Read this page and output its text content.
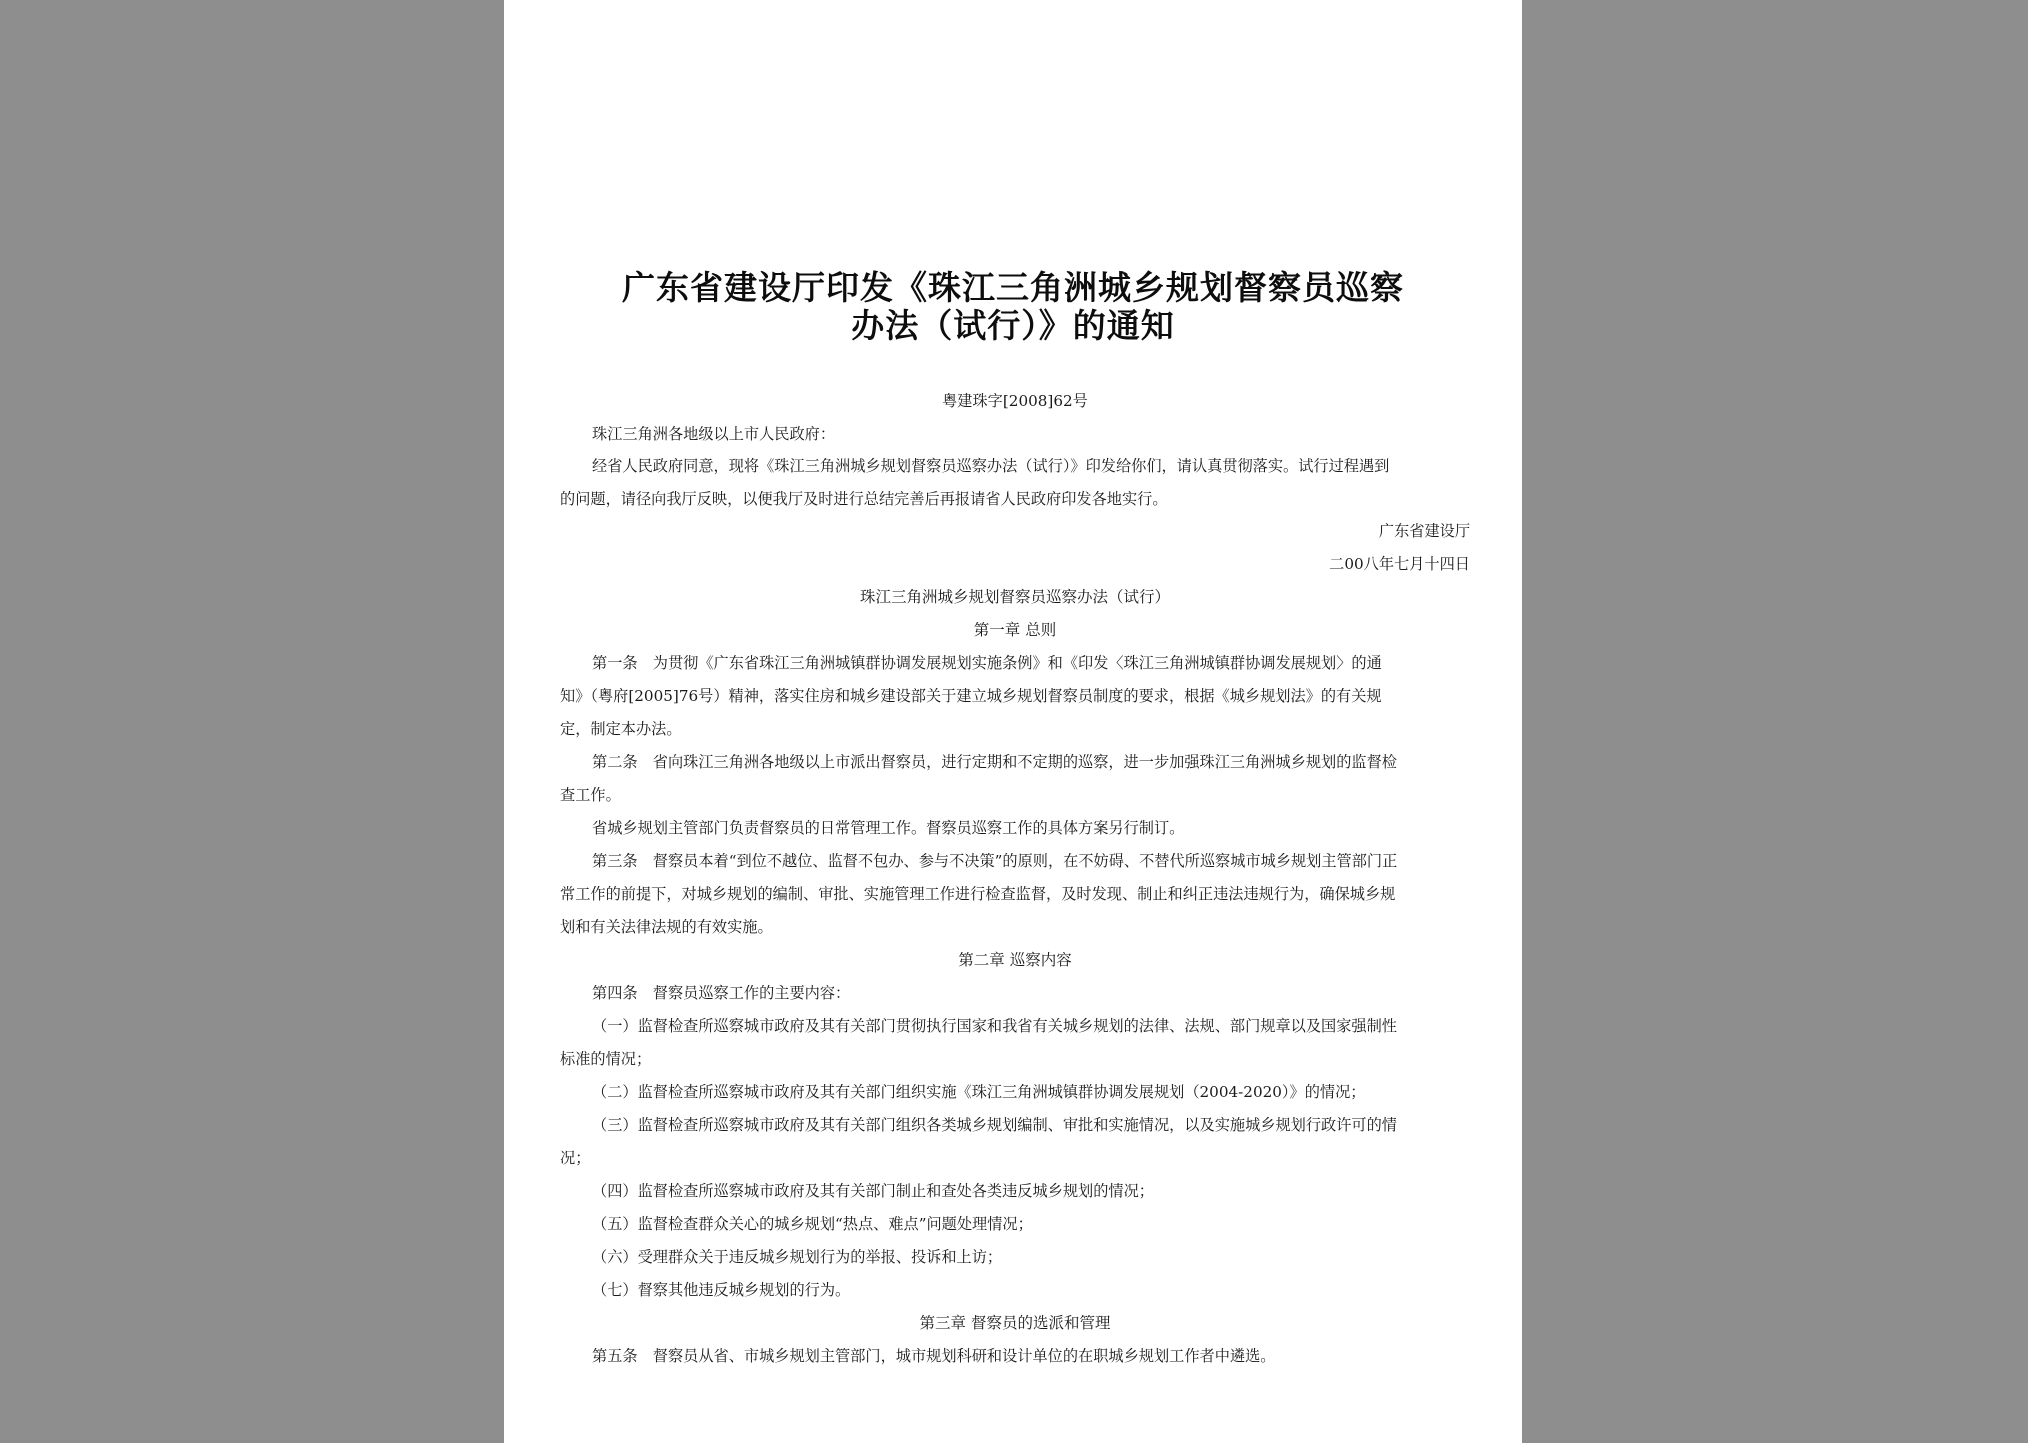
广东省建设厅印发《珠江三角洲城乡规划督察员巡察
办法（试行）》的通知
粤建珠字[2008]62号
珠江三角洲各地级以上市人民政府：
经省人民政府同意，现将《珠江三角洲城乡规划督察员巡察办法（试行）》印发给你们，请认真贯彻落实。试行过程遇到
的问题，请径向我厅反映，以便我厅及时进行总结完善后再报请省人民政府印发各地实行。
广东省建设厅
二00八年七月十四日
珠江三角洲城乡规划督察员巡察办法（试行）
第一章 总则
第一条　为贯彻《广东省珠江三角洲城镇群协调发展规划实施条例》和《印发〈珠江三角洲城镇群协调发展规划〉的通
知》（粤府[2005]76号）精神，落实住房和城乡建设部关于建立城乡规划督察员制度的要求，根据《城乡规划法》的有关规
定，制定本办法。
第二条　省向珠江三角洲各地级以上市派出督察员，进行定期和不定期的巡察，进一步加强珠江三角洲城乡规划的监督检
查工作。
省城乡规划主管部门负责督察员的日常管理工作。督察员巡察工作的具体方案另行制订。
第三条　督察员本着“到位不越位、监督不包办、参与不决策”的原则，在不妨碍、不替代所巡察城市城乡规划主管部门正
常工作的前提下，对城乡规划的编制、审批、实施管理工作进行检查监督，及时发现、制止和纠正违法违规行为，确保城乡规
划和有关法律法规的有效实施。
第二章 巡察内容
第四条　督察员巡察工作的主要内容：
（一）监督检查所巡察城市政府及其有关部门贯彻执行国家和我省有关城乡规划的法律、法规、部门规章以及国家强制性
标准的情况；
（二）监督检查所巡察城市政府及其有关部门组织实施《珠江三角洲城镇群协调发展规划（2004-2020）》的情况；
（三）监督检查所巡察城市政府及其有关部门组织各类城乡规划编制、审批和实施情况，以及实施城乡规划行政许可的情
况；
（四）监督检查所巡察城市政府及其有关部门制止和查处各类违反城乡规划的情况；
（五）监督检查群众关心的城乡规划“热点、难点”问题处理情况；
（六）受理群众关于违反城乡规划行为的举报、投诉和上访；
（七）督察其他违反城乡规划的行为。
第三章 督察员的选派和管理
第五条　督察员从省、市城乡规划主管部门，城市规划科研和设计单位的在职城乡规划工作者中遴选。
